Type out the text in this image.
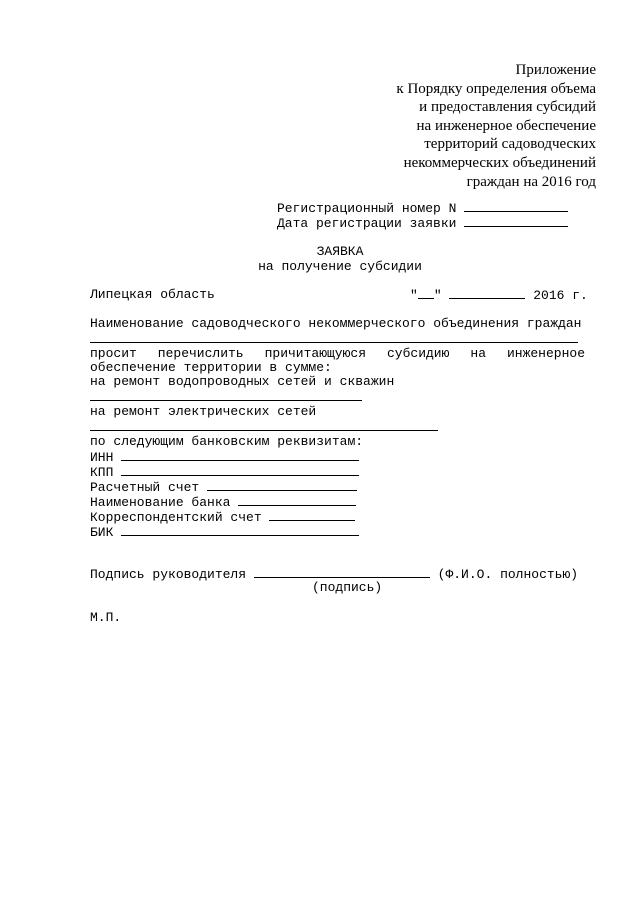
Приложение
к Порядку определения объема
и предоставления субсидий
на инженерное обеспечение
территорий садоводческих
некоммерческих объединений
граждан на 2016 год
Регистрационный номер N
Дата регистрации заявки
ЗАЯВКА
на получение субсидии
Липецкая область	" "	2016 г.
Наименование садоводческого некоммерческого объединения граждан
просит перечислить причитающуюся субсидию на инженерное
обеспечение территории в сумме:
на ремонт водопроводных сетей и скважин
на ремонт электрических сетей
по следующим банковским реквизитам:
ИНН
КПП
Расчетный счет
Наименование банка
Корреспондентский счет
БИК
Подпись руководителя	(Ф.И.О. полностью)
(подпись)
М.П.
